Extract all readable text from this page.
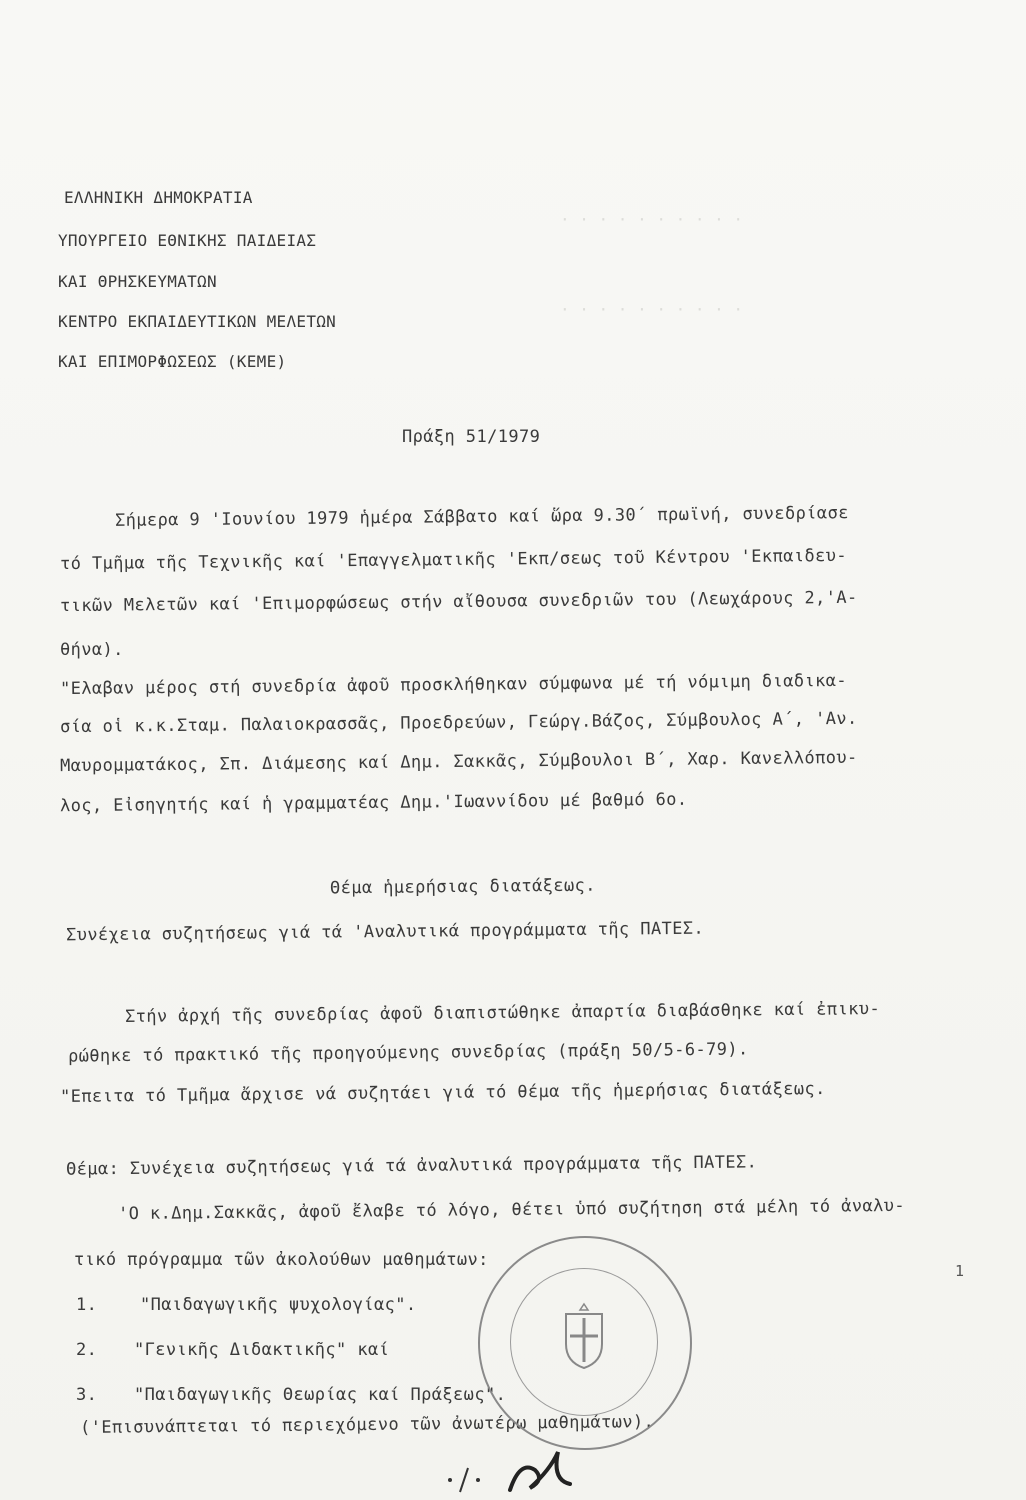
· · · · · · · · · ·
· · · · · · · · · ·
ΕΛΛΗΝΙΚΗ ΔΗΜΟΚΡΑΤΙΑ
ΥΠΟΥΡΓΕΙΟ ΕΘΝΙΚΗΣ ΠΑΙΔΕΙΑΣ
ΚΑΙ ΘΡΗΣΚΕΥΜΑΤΩΝ
ΚΕΝΤΡΟ ΕΚΠΑΙΔΕΥΤΙΚΩΝ ΜΕΛΕΤΩΝ
ΚΑΙ ΕΠΙΜΟΡΦΩΣΕΩΣ (ΚΕΜΕ)
Πράξη 51/1979
Σήμερα 9 'Ιουνίου 1979 ἡμέρα Σάββατο καί ὥρα 9.30΄ πρωϊνή, συνεδρίασε
τό Τμῆμα τῆς Τεχνικῆς καί 'Επαγγελματικῆς 'Εκπ/σεως τοῦ Κέντρου 'Εκπαιδευ-
τικῶν Μελετῶν καί 'Επιμορφώσεως στήν αἴθουσα συνεδριῶν του (Λεωχάρους 2,'Α-
θήνα).
"Ελαβαν μέρος στή συνεδρία ἀφοῦ προσκλήθηκαν σύμφωνα μέ τή νόμιμη διαδικα-
σία οἱ κ.κ.Σταμ. Παλαιοκρασσᾶς, Προεδρεύων, Γεώργ.Βάζος, Σύμβουλος Α΄, 'Αν.
Μαυρομματάκος, Σπ. Διάμεσης καί Δημ. Σακκᾶς, Σύμβουλοι Β΄, Χαρ. Κανελλόπου-
λος, Εἰσηγητής καί ἡ γραμματέας Δημ.'Ιωαννίδου μέ βαθμό 6ο.
Θέμα ἡμερήσιας διατάξεως.
Συνέχεια συζητήσεως γιά τά 'Αναλυτικά προγράμματα τῆς ΠΑΤΕΣ.
Στήν ἀρχή τῆς συνεδρίας ἀφοῦ διαπιστώθηκε ἀπαρτία διαβάσθηκε καί ἐπικυ-
ρώθηκε τό πρακτικό τῆς προηγούμενης συνεδρίας (πράξη 50/5-6-79).
"Επειτα τό Τμῆμα ἄρχισε νά συζητάει γιά τό θέμα τῆς ἡμερήσιας διατάξεως.
Θέμα: Συνέχεια συζητήσεως γιά τά ἀναλυτικά προγράμματα τῆς ΠΑΤΕΣ.
'Ο κ.Δημ.Σακκᾶς, ἀφοῦ ἔλαβε τό λόγο, θέτει ὑπό συζήτηση στά μέλη τό ἀναλυ-
τικό πρόγραμμα τῶν ἀκολούθων μαθημάτων:
1.	"Παιδαγωγικῆς ψυχολογίας".
2. "Γενικῆς Διδακτικῆς" καί
3. "Παιδαγωγικῆς Θεωρίας καί Πράξεως".
('Επισυνάπτεται τό περιεχόμενο τῶν ἀνωτέρω μαθημάτων).
1
